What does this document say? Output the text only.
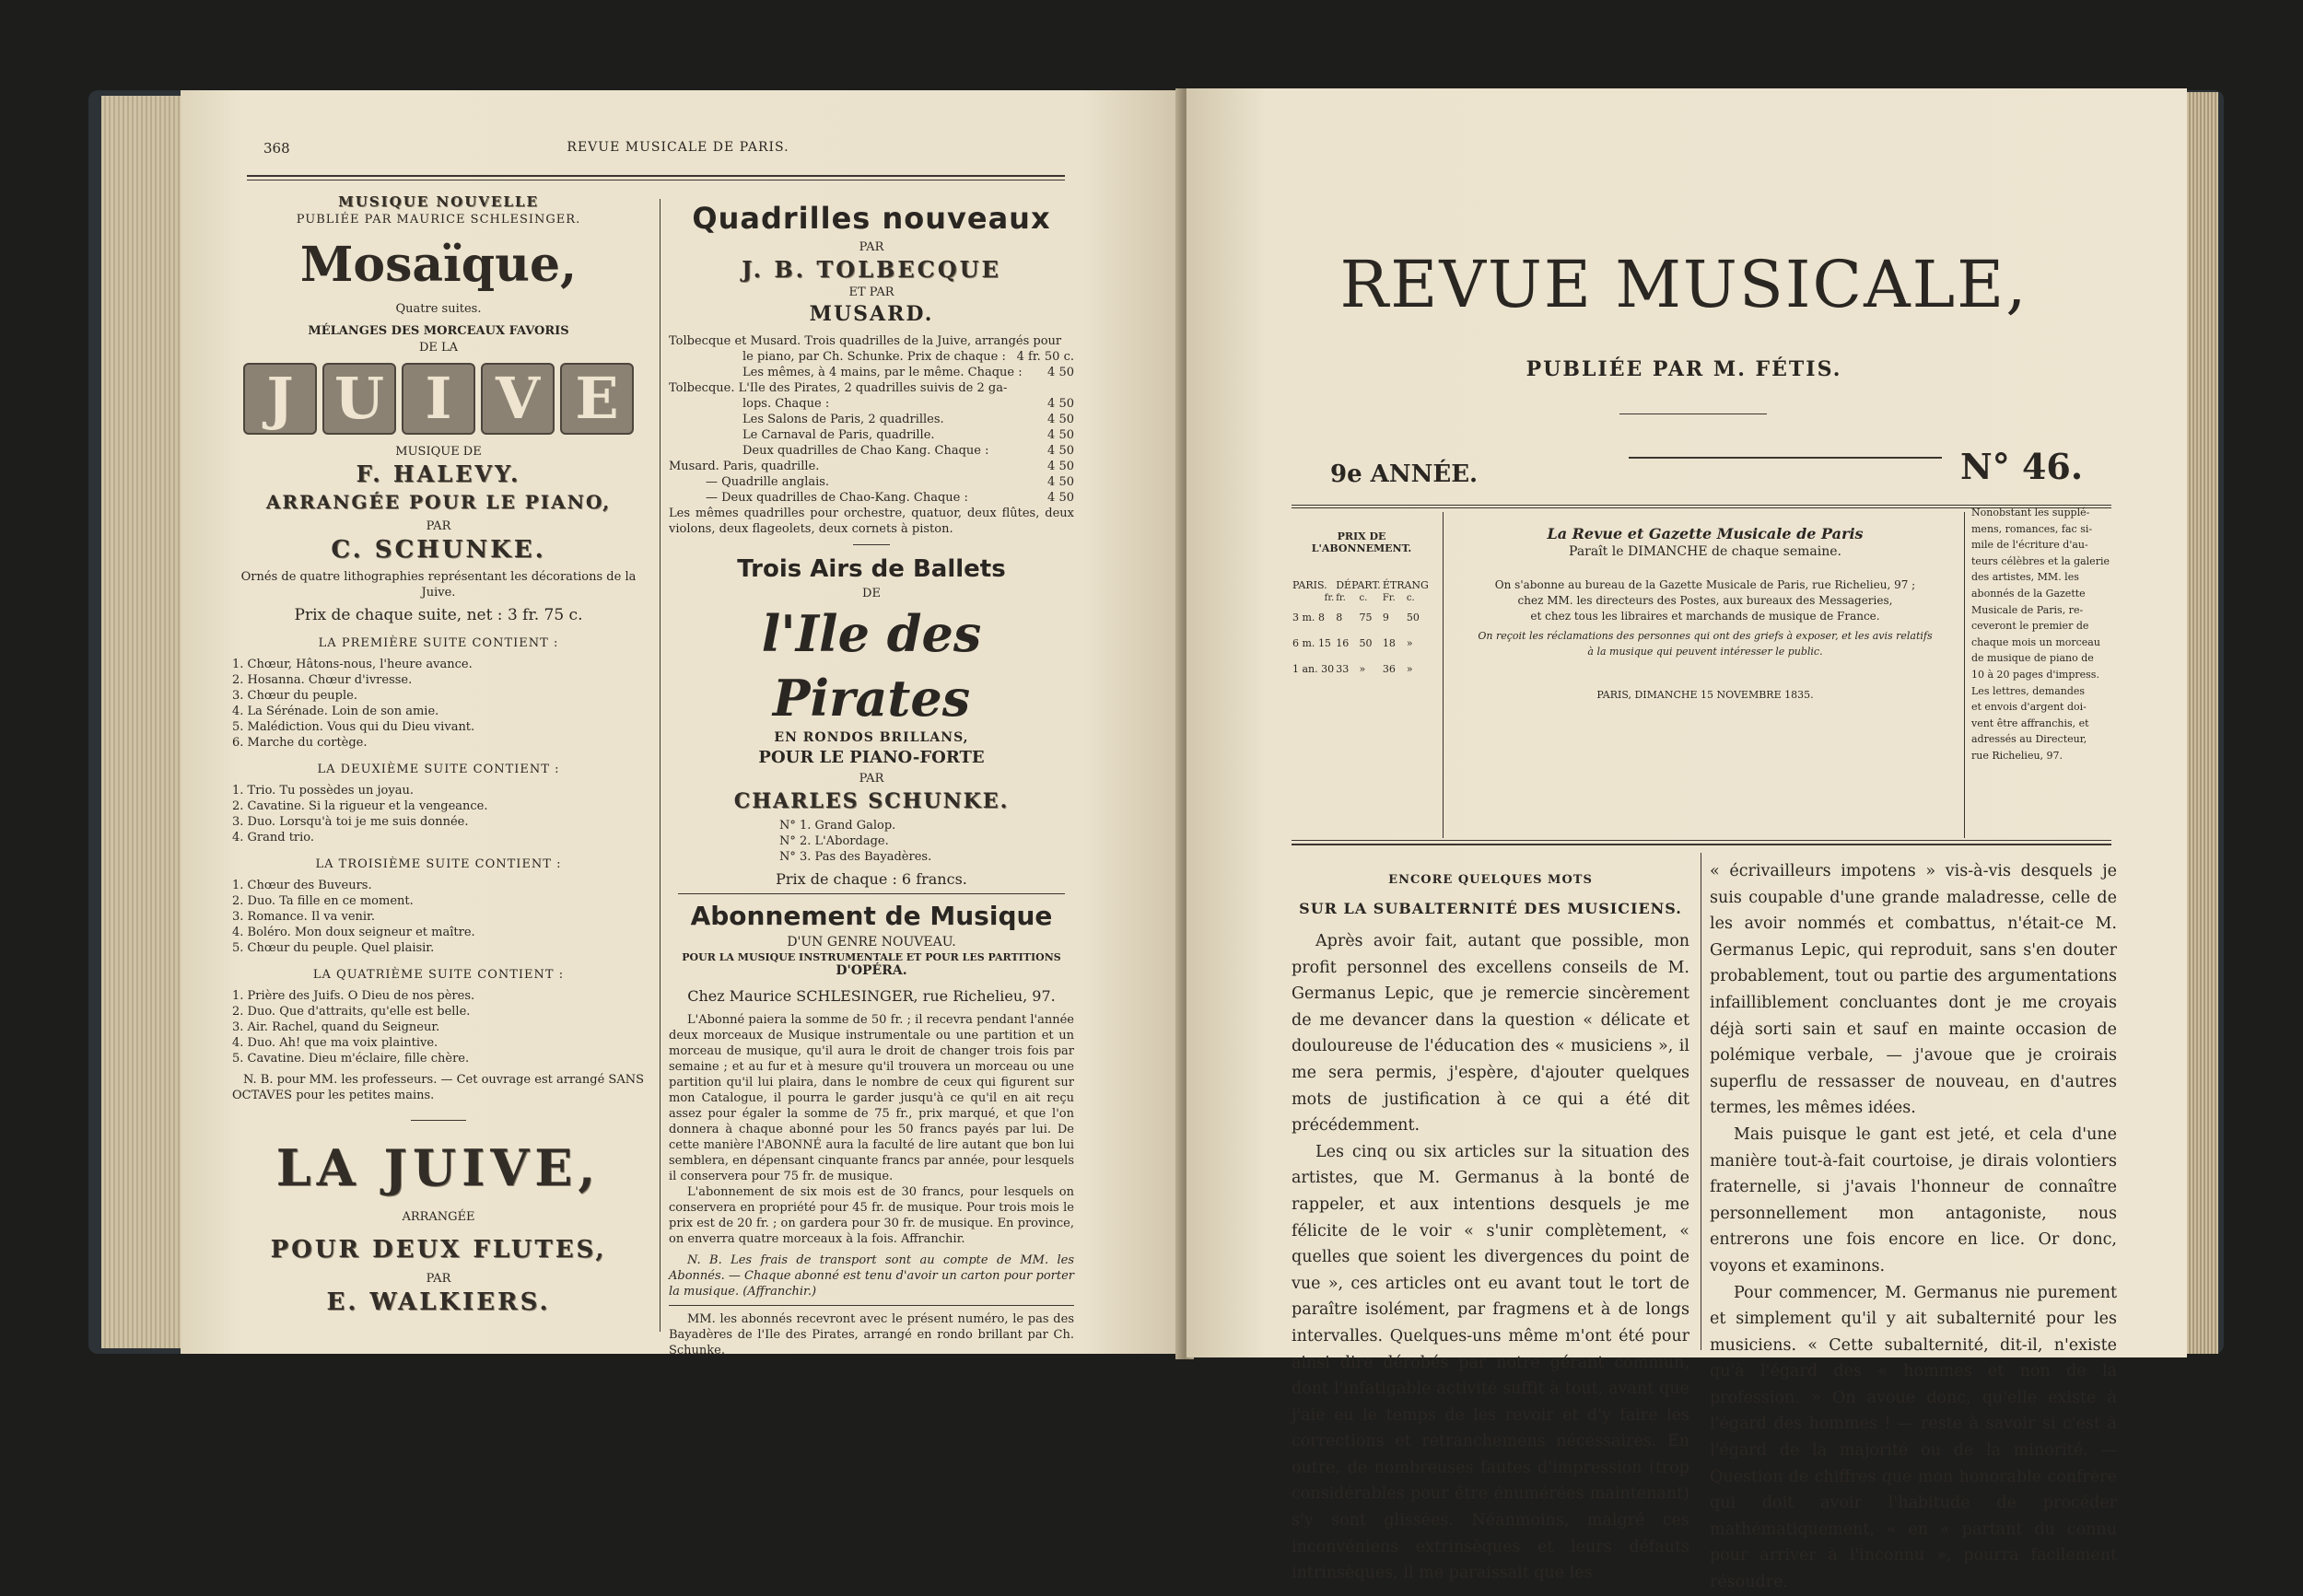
368	REVUE MUSICALE DE PARIS.
MUSIQUE NOUVELLE
PUBLIÉE PAR MAURICE SCHLESINGER.
Mosaïque,
Quatre suites.
MÉLANGES DES MORCEAUX FAVORIS
DE LA
J U I V E
MUSIQUE DE
F. HALEVY.
ARRANGÉE POUR LE PIANO,
PAR
C. SCHUNKE.
Ornés de quatre lithographies représentant les décorations de la Juive.
Prix de chaque suite, net : 3 fr. 75 c.
LA PREMIÈRE SUITE CONTIENT :
1. Chœur, Hâtons-nous, l'heure avance.
2. Hosanna. Chœur d'ivresse.
3. Chœur du peuple.
4. La Sérénade. Loin de son amie.
5. Malédiction. Vous qui du Dieu vivant.
6. Marche du cortège.
LA DEUXIÈME SUITE CONTIENT :
1. Trio. Tu possèdes un joyau.
2. Cavatine. Si la rigueur et la vengeance.
3. Duo. Lorsqu'à toi je me suis donnée.
4. Grand trio.
LA TROISIÈME SUITE CONTIENT :
1. Chœur des Buveurs.
2. Duo. Ta fille en ce moment.
3. Romance. Il va venir.
4. Boléro. Mon doux seigneur et maître.
5. Chœur du peuple. Quel plaisir.
LA QUATRIÈME SUITE CONTIENT :
1. Prière des Juifs. O Dieu de nos pères.
2. Duo. Que d'attraits, qu'elle est belle.
3. Air. Rachel, quand du Seigneur.
4. Duo. Ah! que ma voix plaintive.
5. Cavatine. Dieu m'éclaire, fille chère.
N. B. pour MM. les professeurs. — Cet ouvrage est arrangé SANS
OCTAVES pour les petites mains.
LA JUIVE,
ARRANGÉE
POUR DEUX FLUTES,
PAR
E. WALKIERS.
Quadrilles nouveaux
PAR
J. B. TOLBECQUE
ET PAR
MUSARD.
Tolbecque et Musard. Trois quadrilles de la Juive, arrangés pour
le piano, par Ch. Schunke. Prix de chaque : 4 fr. 50 c.
Les mêmes, à 4 mains, par le même. Chaque : 4 50
Tolbecque. L'Ile des Pirates, 2 quadrilles suivis de 2 ga-
lops. Chaque :	4 50
Les Salons de Paris, 2 quadrilles.	4 50
Le Carnaval de Paris, quadrille.	4 50
Deux quadrilles de Chao Kang. Chaque :	4 50
Musard. Paris, quadrille.	4 50
— Quadrille anglais.	4 50
— Deux quadrilles de Chao-Kang. Chaque :	4 50
Les mêmes quadrilles pour orchestre, quatuor, deux flûtes, deux violons, deux flageolets, deux cornets à piston.
Trois Airs de Ballets
DE
l'Ile des Pirates
EN RONDOS BRILLANS,
POUR LE PIANO-FORTE
PAR
CHARLES SCHUNKE.
N° 1. Grand Galop.
N° 2. L'Abordage.
N° 3. Pas des Bayadères.
Prix de chaque : 6 francs.
Abonnement de Musique
D'UN GENRE NOUVEAU.
POUR LA MUSIQUE INSTRUMENTALE ET POUR LES PARTITIONS
D'OPÉRA.
Chez Maurice SCHLESINGER, rue Richelieu, 97.
L'Abonné paiera la somme de 50 fr. ; il recevra pendant l'année deux morceaux de Musique instrumentale ou une partition et un morceau de musique, qu'il aura le droit de changer trois fois par semaine ; et au fur et à mesure qu'il trouvera un morceau ou une partition qu'il lui plaira, dans le nombre de ceux qui figurent sur mon Catalogue, il pourra le garder jusqu'à ce qu'il en ait reçu assez pour égaler la somme de 75 fr., prix marqué, et que l'on donnera à chaque abonné pour les 50 francs payés par lui. De cette manière l'ABONNÉ aura la faculté de lire autant que bon lui semblera, en dépensant cinquante francs par année, pour lesquels il conservera pour 75 fr. de musique.
L'abonnement de six mois est de 30 francs, pour lesquels on conservera en propriété pour 45 fr. de musique. Pour trois mois le prix est de 20 fr. ; on gardera pour 30 fr. de musique. En province, on enverra quatre morceaux à la fois. Affranchir.
N. B. Les frais de transport sont au compte de MM. les Abonnés. — Chaque abonné est tenu d'avoir un carton pour porter la musique. (Affranchir.)
MM. les abonnés recevront avec le présent numéro, le pas des Bayadères de l'Ile des Pirates, arrangé en rondo brillant par Ch. Schunke.
REVUE MUSICALE,
PUBLIÉE PAR M. FÉTIS.
9e ANNÉE.	N° 46.
PRIX DE L'ABONNEMENT.
PARIS.	DÉPART.		ÉTRANG	
fr.	fr.	c.	Fr.	c.
3 m. 8	8	75	9	50
6 m. 15	16	50	18	»
1 an. 30	33	»	36	»
La Revue et Gazette Musicale de Paris
Paraît le DIMANCHE de chaque semaine.
On s'abonne au bureau de la Gazette Musicale de Paris, rue Richelieu, 97 ;
chez MM. les directeurs des Postes, aux bureaux des Messageries,
et chez tous les libraires et marchands de musique de France.
On reçoit les réclamations des personnes qui ont des griefs à exposer, et les avis relatifs
à la musique qui peuvent intéresser le public.
PARIS, DIMANCHE 15 NOVEMBRE 1835.
Nonobstant les supplé-
mens, romances, fac si-
mile de l'écriture d'au-
teurs célèbres et la galerie
des artistes, MM. les
abonnés de la Gazette
Musicale de Paris, re-
ceveront le premier de
chaque mois un morceau
de musique de piano de
10 à 20 pages d'impress.
Les lettres, demandes
et envois d'argent doi-
vent être affranchis, et
adressés au Directeur,
rue Richelieu, 97.
ENCORE QUELQUES MOTS
SUR LA SUBALTERNITÉ DES MUSICIENS.
Après avoir fait, autant que possible, mon profit personnel des excellens conseils de M. Germanus Lepic, que je remercie sincèrement de me devancer dans la question « délicate et douloureuse de l'éducation des « musiciens », il me sera permis, j'espère, d'ajouter quelques mots de justification à ce qui a été dit précédemment.
Les cinq ou six articles sur la situation des artistes, que M. Germanus à la bonté de rappeler, et aux intentions desquels je me félicite de le voir « s'unir complètement, « quelles que soient les divergences du point de vue », ces articles ont eu avant tout le tort de paraître isolément, par fragmens et à de longs intervalles. Quelques-uns même m'ont été pour ainsi dire dérobés par notre gérant commun, dont l'infatigable activité suffit à tout, avant que j'aie eu le temps de les revoir et d'y faire les corrections et retranchemens nécessaires. En outre, de nombreuses fautes d'impression (trop considérables pour être énumérées maintenant) s'y sont glissées. Néanmoins, malgré ces inconvéniens extrinsèques et leurs défauts intrinsèques, il me paraissait que les
« écrivailleurs impotens » vis-à-vis desquels je suis coupable d'une grande maladresse, celle de les avoir nommés et combattus, n'était-ce M. Germanus Lepic, qui reproduit, sans s'en douter probablement, tout ou partie des argumentations infailliblement concluantes dont je me croyais déjà sorti sain et sauf en mainte occasion de polémique verbale, — j'avoue que je croirais superflu de ressasser de nouveau, en d'autres termes, les mêmes idées.
Mais puisque le gant est jeté, et cela d'une manière tout-à-fait courtoise, je dirais volontiers fraternelle, si j'avais l'honneur de connaître personnellement mon antagoniste, nous entrerons une fois encore en lice. Or donc, voyons et examinons.
Pour commencer, M. Germanus nie purement et simplement qu'il y ait subalternité pour les musiciens. « Cette subalternité, dit-il, n'existe qu'à l'égard des « hommes et non de la profession. » On avoue donc, qu'elle existe à l'égard des hommes ! — reste à savoir si c'est à l'égard de la majorité ou de la minorité. — Question de chiffres que mon honorable confrère qui doit avoir l'habitude de procéder mathématiquement, « en « partant du connu pour arriver à l'inconnu », pourra facilement résoudre.
